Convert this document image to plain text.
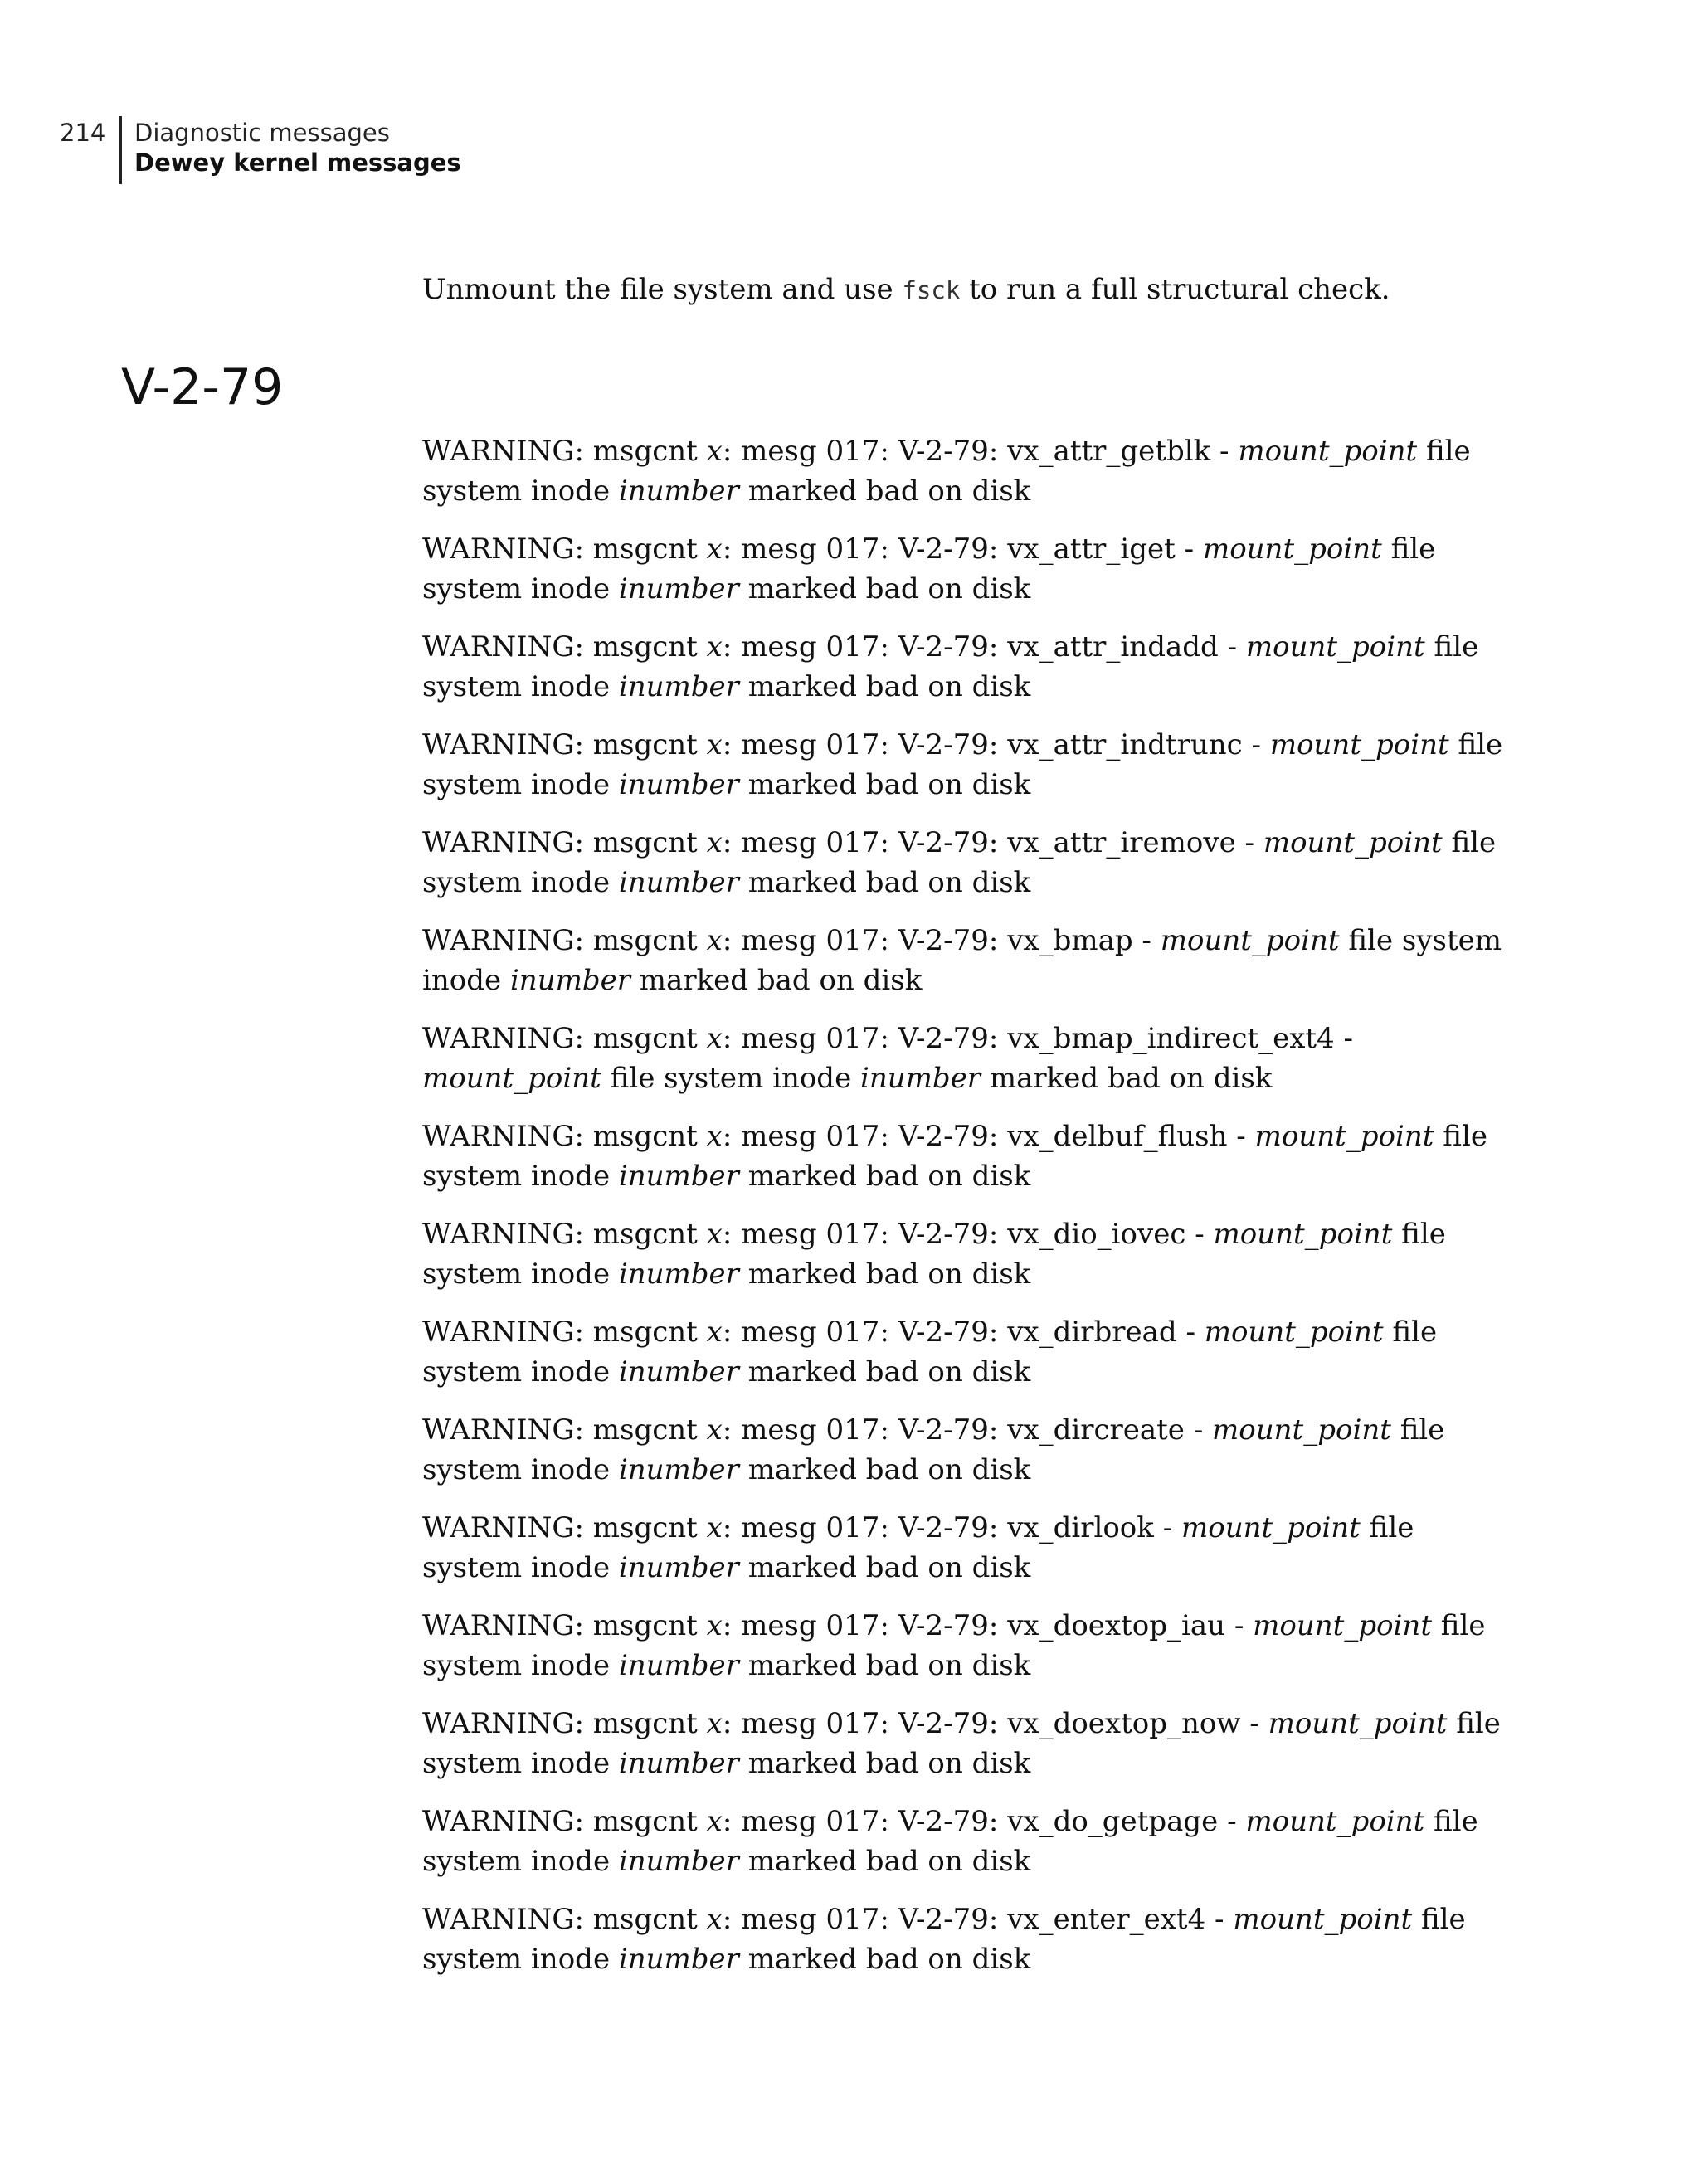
214 Diagnostic messages
Dewey kernel messages

Unmount the file system and use fsck to run a full structural check.

V-2-79

WARNING: msgcnt x: mesg 017: V-2-79: vx_attr_getblk - mount_point file system inode inumber marked bad on disk

WARNING: msgcnt x: mesg 017: V-2-79: vx_attr_iget - mount_point file system inode inumber marked bad on disk

WARNING: msgcnt x: mesg 017: V-2-79: vx_attr_indadd - mount_point file system inode inumber marked bad on disk

WARNING: msgcnt x: mesg 017: V-2-79: vx_attr_indtrunc - mount_point file system inode inumber marked bad on disk

WARNING: msgcnt x: mesg 017: V-2-79: vx_attr_iremove - mount_point file system inode inumber marked bad on disk

WARNING: msgcnt x: mesg 017: V-2-79: vx_bmap - mount_point file system inode inumber marked bad on disk

WARNING: msgcnt x: mesg 017: V-2-79: vx_bmap_indirect_ext4 - mount_point file system inode inumber marked bad on disk

WARNING: msgcnt x: mesg 017: V-2-79: vx_delbuf_flush - mount_point file system inode inumber marked bad on disk

WARNING: msgcnt x: mesg 017: V-2-79: vx_dio_iovec - mount_point file system inode inumber marked bad on disk

WARNING: msgcnt x: mesg 017: V-2-79: vx_dirbread - mount_point file system inode inumber marked bad on disk

WARNING: msgcnt x: mesg 017: V-2-79: vx_dircreate - mount_point file system inode inumber marked bad on disk

WARNING: msgcnt x: mesg 017: V-2-79: vx_dirlook - mount_point file system inode inumber marked bad on disk

WARNING: msgcnt x: mesg 017: V-2-79: vx_doextop_iau - mount_point file system inode inumber marked bad on disk

WARNING: msgcnt x: mesg 017: V-2-79: vx_doextop_now - mount_point file system inode inumber marked bad on disk

WARNING: msgcnt x: mesg 017: V-2-79: vx_do_getpage - mount_point file system inode inumber marked bad on disk

WARNING: msgcnt x: mesg 017: V-2-79: vx_enter_ext4 - mount_point file system inode inumber marked bad on disk
